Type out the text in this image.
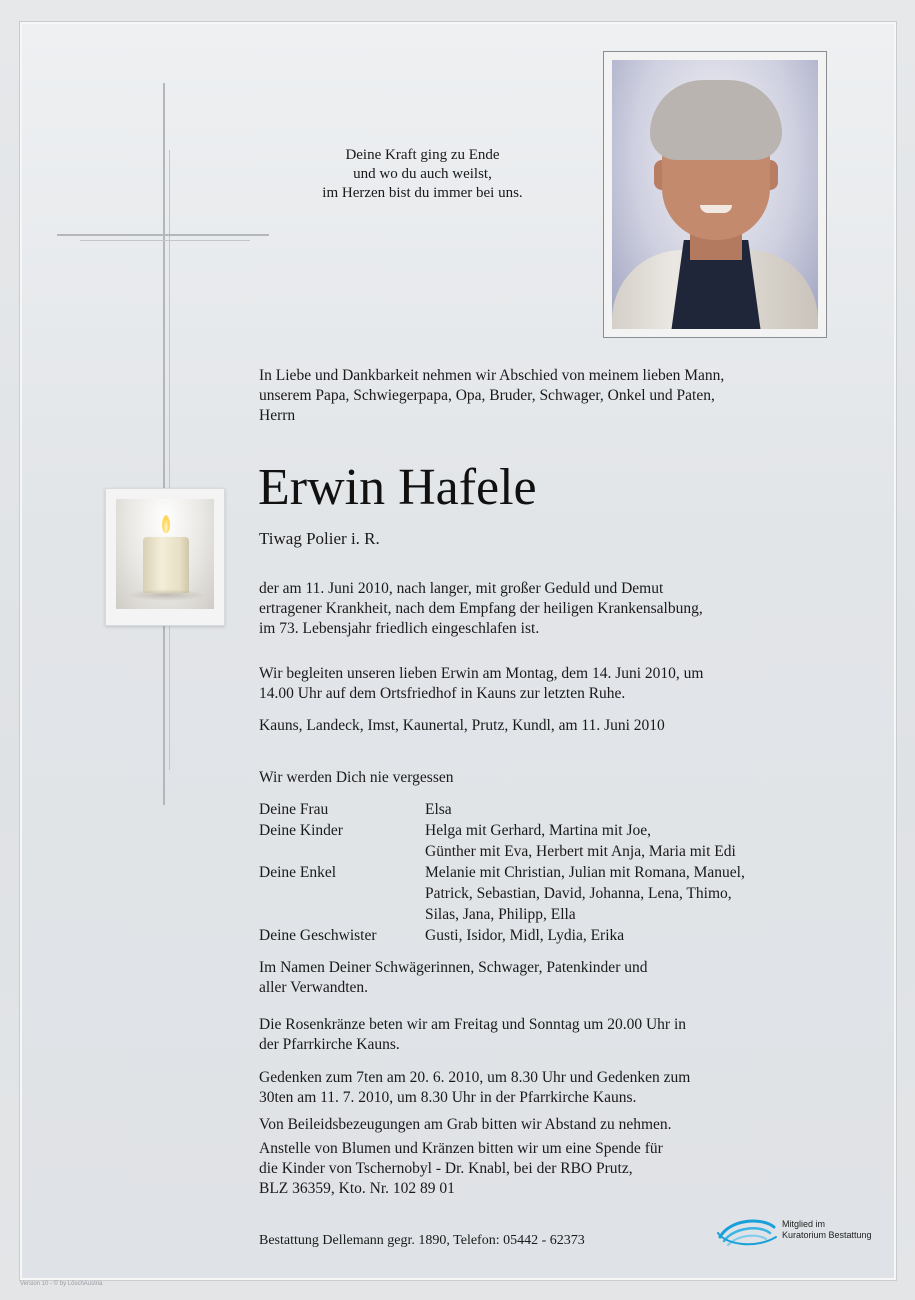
Deine Kraft ging zu Ende
und wo du auch weilst,
im Herzen bist du immer bei uns.
In Liebe und Dankbarkeit nehmen wir Abschied von meinem lieben Mann,
unserem Papa, Schwiegerpapa, Opa, Bruder, Schwager, Onkel und Paten,
Herrn
Erwin Hafele
Tiwag Polier i. R.
der am 11. Juni 2010, nach langer, mit großer Geduld und Demut
ertragener Krankheit, nach dem Empfang der heiligen Krankensalbung,
im 73. Lebensjahr friedlich eingeschlafen ist.
Wir begleiten unseren lieben Erwin am Montag, dem 14. Juni 2010, um
14.00 Uhr auf dem Ortsfriedhof in Kauns zur letzten Ruhe.
Kauns, Landeck, Imst, Kaunertal, Prutz, Kundl, am 11. Juni 2010
Wir werden Dich nie vergessen
Deine Frau	Elsa
Deine Kinder	Helga mit Gerhard, Martina mit Joe,
Günther mit Eva, Herbert mit Anja, Maria mit Edi
Deine Enkel	Melanie mit Christian, Julian mit Romana, Manuel,
Patrick, Sebastian, David, Johanna, Lena, Thimo,
Silas, Jana, Philipp, Ella
Deine Geschwister	Gusti, Isidor, Midl, Lydia, Erika
Im Namen Deiner Schwägerinnen, Schwager, Patenkinder und
aller Verwandten.
Die Rosenkränze beten wir am Freitag und Sonntag um 20.00 Uhr in
der Pfarrkirche Kauns.
Gedenken zum 7ten am 20. 6. 2010, um 8.30 Uhr und Gedenken zum
30ten am 11. 7. 2010, um 8.30 Uhr in der Pfarrkirche Kauns.
Von Beileidsbezeugungen am Grab bitten wir Abstand zu nehmen.
Anstelle von Blumen und Kränzen bitten wir um eine Spende für
die Kinder von Tschernobyl - Dr. Knabl, bei der RBO Prutz,
BLZ 36359, Kto. Nr. 102 89 01
Bestattung Dellemann gegr. 1890, Telefon: 05442 - 62373
Mitglied im
Kuratorium Bestattung
Version 10 - © by LöschAustria
